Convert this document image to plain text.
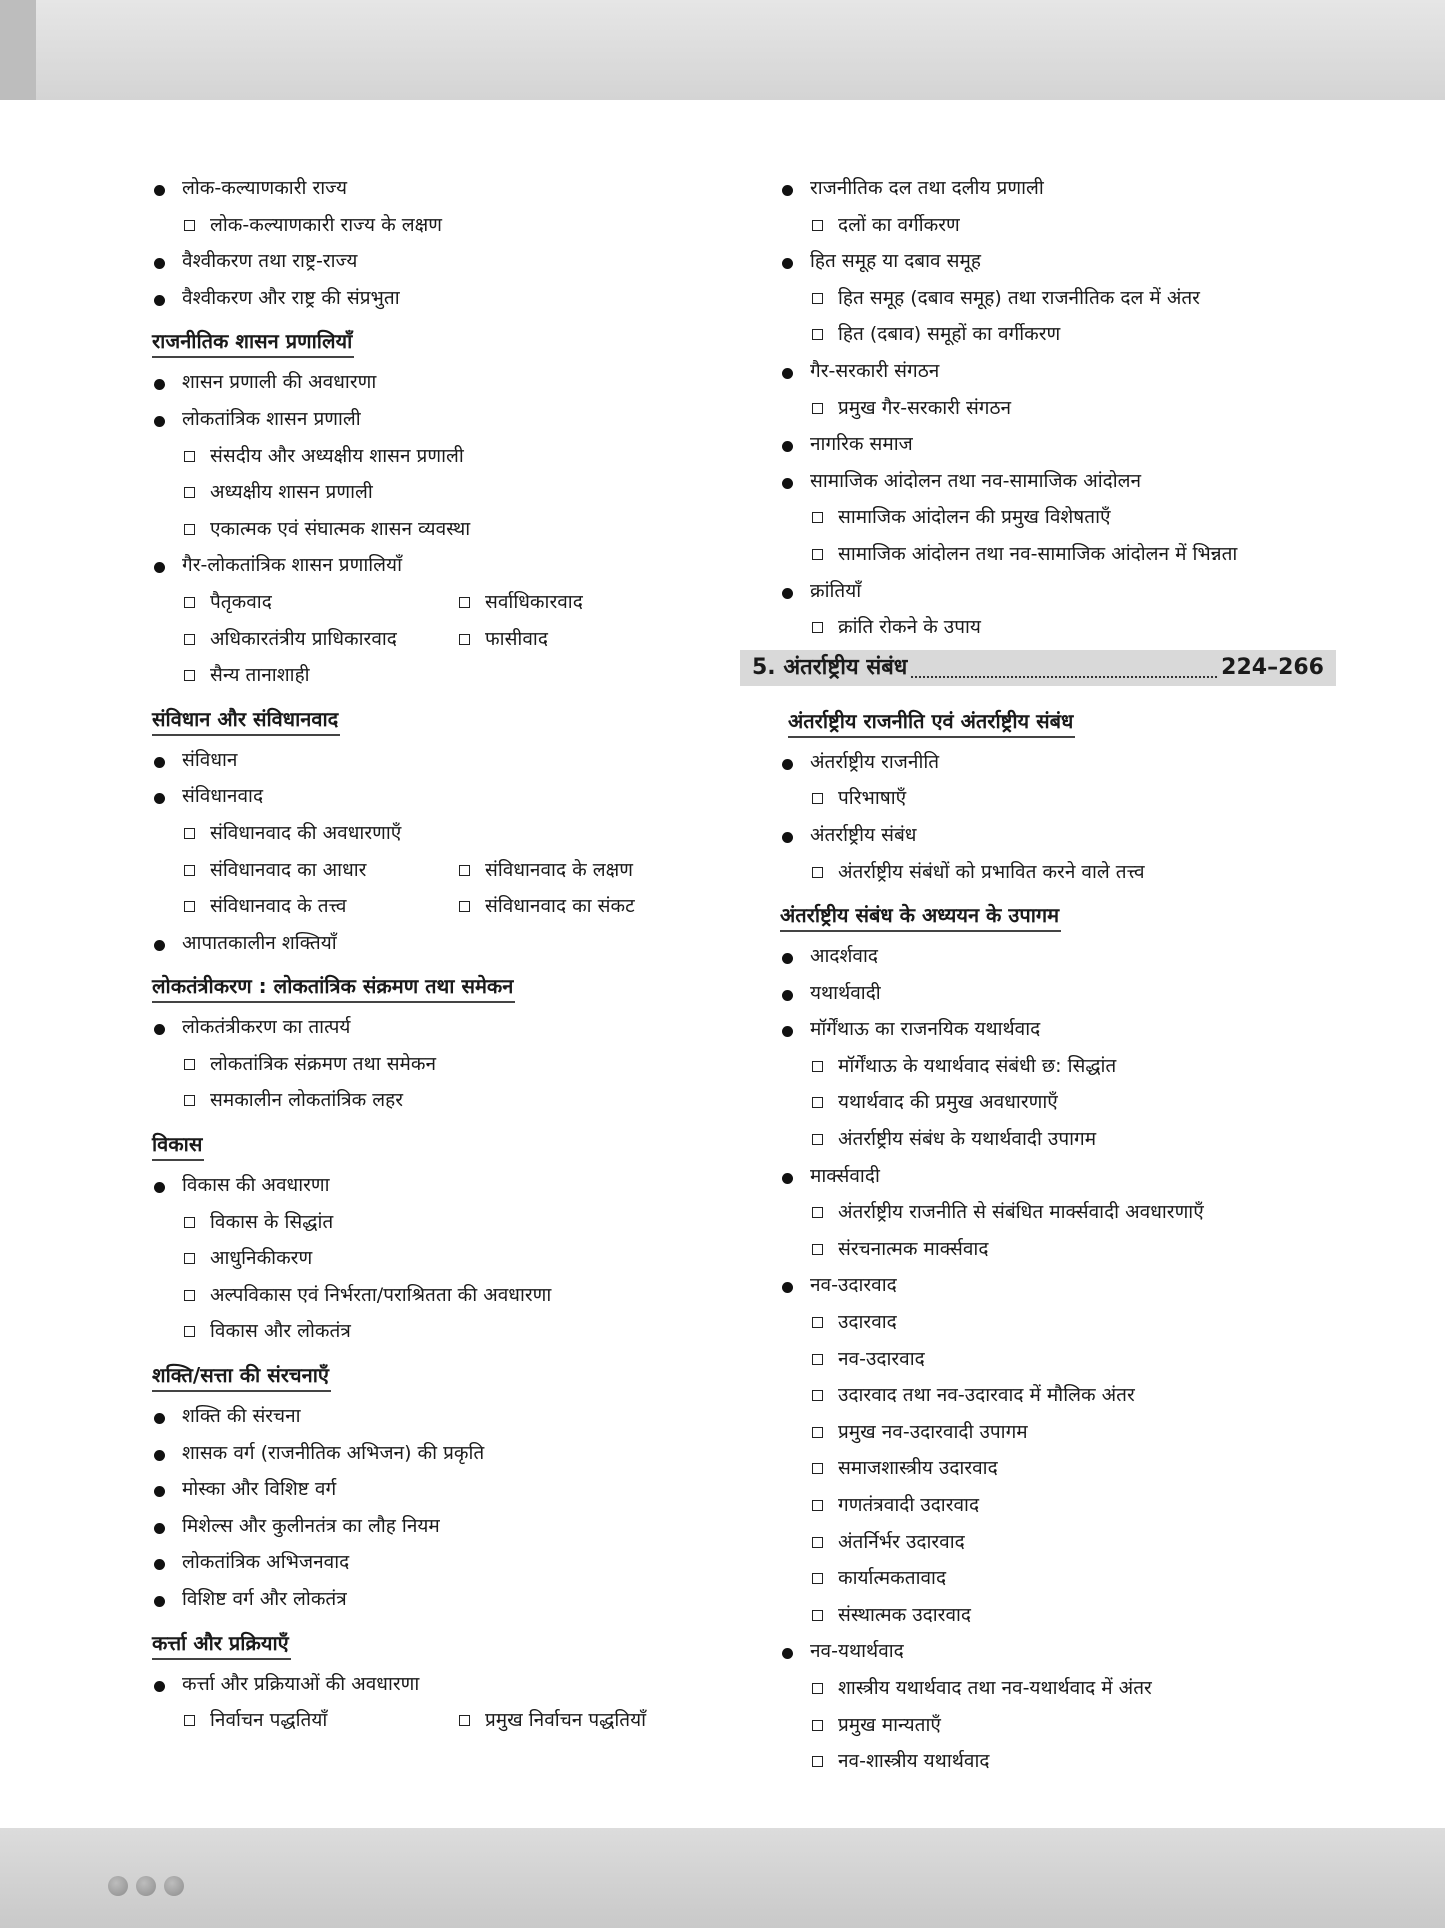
लोक-कल्याणकारी राज्य
लोक-कल्याणकारी राज्य के लक्षण
वैश्वीकरण तथा राष्ट्र-राज्य
वैश्वीकरण और राष्ट्र की संप्रभुता
राजनीतिक शासन प्रणालियाँ
शासन प्रणाली की अवधारणा
लोकतांत्रिक शासन प्रणाली
संसदीय और अध्यक्षीय शासन प्रणाली
अध्यक्षीय शासन प्रणाली
एकात्मक एवं संघात्मक शासन व्यवस्था
गैर-लोकतांत्रिक शासन प्रणालियाँ
पैतृकवाद	सर्वाधिकारवाद
अधिकारतंत्रीय प्राधिकारवाद	फासीवाद
सैन्य तानाशाही
संविधान और संविधानवाद
संविधान
संविधानवाद
संविधानवाद की अवधारणाएँ
संविधानवाद का आधार	संविधानवाद के लक्षण
संविधानवाद के तत्त्व	संविधानवाद का संकट
आपातकालीन शक्तियाँ
लोकतंत्रीकरण : लोकतांत्रिक संक्रमण तथा समेकन
लोकतंत्रीकरण का तात्पर्य
लोकतांत्रिक संक्रमण तथा समेकन
समकालीन लोकतांत्रिक लहर
विकास
विकास की अवधारणा
विकास के सिद्धांत
आधुनिकीकरण
अल्पविकास एवं निर्भरता/पराश्रितता की अवधारणा
विकास और लोकतंत्र
शक्ति/सत्ता की संरचनाएँ
शक्ति की संरचना
शासक वर्ग (राजनीतिक अभिजन) की प्रकृति
मोस्का और विशिष्ट वर्ग
मिशेल्स और कुलीनतंत्र का लौह नियम
लोकतांत्रिक अभिजनवाद
विशिष्ट वर्ग और लोकतंत्र
कर्त्ता और प्रक्रियाएँ
कर्त्ता और प्रक्रियाओं की अवधारणा
निर्वाचन पद्धतियाँ	प्रमुख निर्वाचन पद्धतियाँ
राजनीतिक दल तथा दलीय प्रणाली
दलों का वर्गीकरण
हित समूह या दबाव समूह
हित समूह (दबाव समूह) तथा राजनीतिक दल में अंतर
हित (दबाव) समूहों का वर्गीकरण
गैर-सरकारी संगठन
प्रमुख गैर-सरकारी संगठन
नागरिक समाज
सामाजिक आंदोलन तथा नव-सामाजिक आंदोलन
सामाजिक आंदोलन की प्रमुख विशेषताएँ
सामाजिक आंदोलन तथा नव-सामाजिक आंदोलन में भिन्नता
क्रांतियाँ
क्रांति रोकने के उपाय
5. अंतर्राष्ट्रीय संबंध	224–266
अंतर्राष्ट्रीय राजनीति एवं अंतर्राष्ट्रीय संबंध
अंतर्राष्ट्रीय राजनीति
परिभाषाएँ
अंतर्राष्ट्रीय संबंध
अंतर्राष्ट्रीय संबंधों को प्रभावित करने वाले तत्त्व
अंतर्राष्ट्रीय संबंध के अध्ययन के उपागम
आदर्शवाद
यथार्थवादी
मॉर्गेंथाऊ का राजनयिक यथार्थवाद
मॉर्गेंथाऊ के यथार्थवाद संबंधी छ: सिद्धांत
यथार्थवाद की प्रमुख अवधारणाएँ
अंतर्राष्ट्रीय संबंध के यथार्थवादी उपागम
मार्क्सवादी
अंतर्राष्ट्रीय राजनीति से संबंधित मार्क्सवादी अवधारणाएँ
संरचनात्मक मार्क्सवाद
नव-उदारवाद
उदारवाद
नव-उदारवाद
उदारवाद तथा नव-उदारवाद में मौलिक अंतर
प्रमुख नव-उदारवादी उपागम
समाजशास्त्रीय उदारवाद
गणतंत्रवादी उदारवाद
अंतर्निर्भर उदारवाद
कार्यात्मकतावाद
संस्थात्मक उदारवाद
नव-यथार्थवाद
शास्त्रीय यथार्थवाद तथा नव-यथार्थवाद में अंतर
प्रमुख मान्यताएँ
नव-शास्त्रीय यथार्थवाद
